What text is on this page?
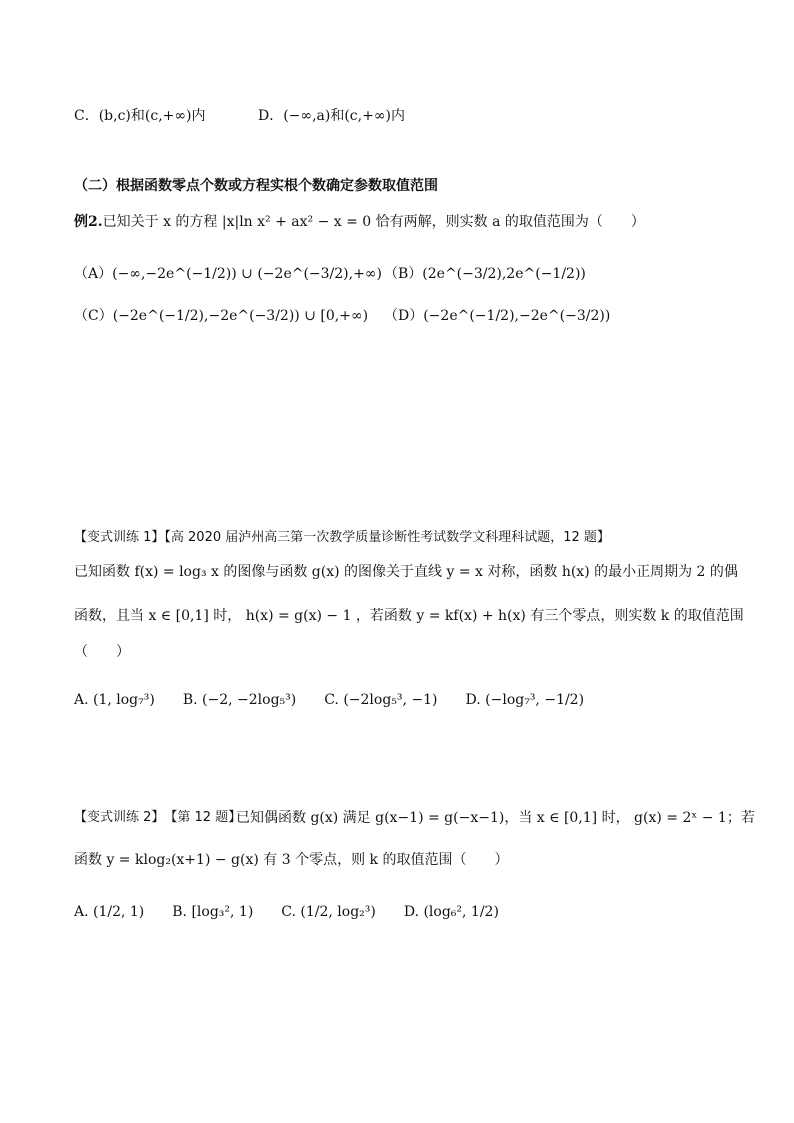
C．(b,c)和(c,+∞)内	D．(−∞,a)和(c,+∞)内
（二）根据函数零点个数或方程实根个数确定参数取值范围
例2.已知关于 x 的方程 |x|ln x² + ax² − x = 0 恰有两解，则实数 a 的取值范围为（　　）
（A）(−∞,−2e^(−1/2)) ∪ (−2e^(−3/2),+∞) （B）(2e^(−3/2),2e^(−1/2))
（C）(−2e^(−1/2),−2e^(−3/2)) ∪ [0,+∞) （D）(−2e^(−1/2),−2e^(−3/2))
【变式训练 1】【高 2020 届泸州高三第一次教学质量诊断性考试数学文科理科试题，12 题】
已知函数 f(x) = log₃ x 的图像与函数 g(x) 的图像关于直线 y = x 对称，函数 h(x) 的最小正周期为 2 的偶
函数，且当 x ∈ [0,1] 时， h(x) = g(x) − 1 ，若函数 y = kf(x) + h(x) 有三个零点，则实数 k 的取值范围
（　　）
A. (1, log₇³)　　B. (−2, −2log₅³)　　C. (−2log₅³, −1)　　D. (−log₇³, −1/2)
【变式训练 2】　【第 12 题】
已知偶函数 g(x) 满足 g(x−1) = g(−x−1)，当 x ∈ [0,1] 时， g(x) = 2ˣ − 1；若
函数 y = klog₂(x+1) − g(x) 有 3 个零点，则 k 的取值范围（　　）
A. (1/2, 1)　　B. [log₃², 1)　　C. (1/2, log₂³)　　D. (log₆², 1/2)
